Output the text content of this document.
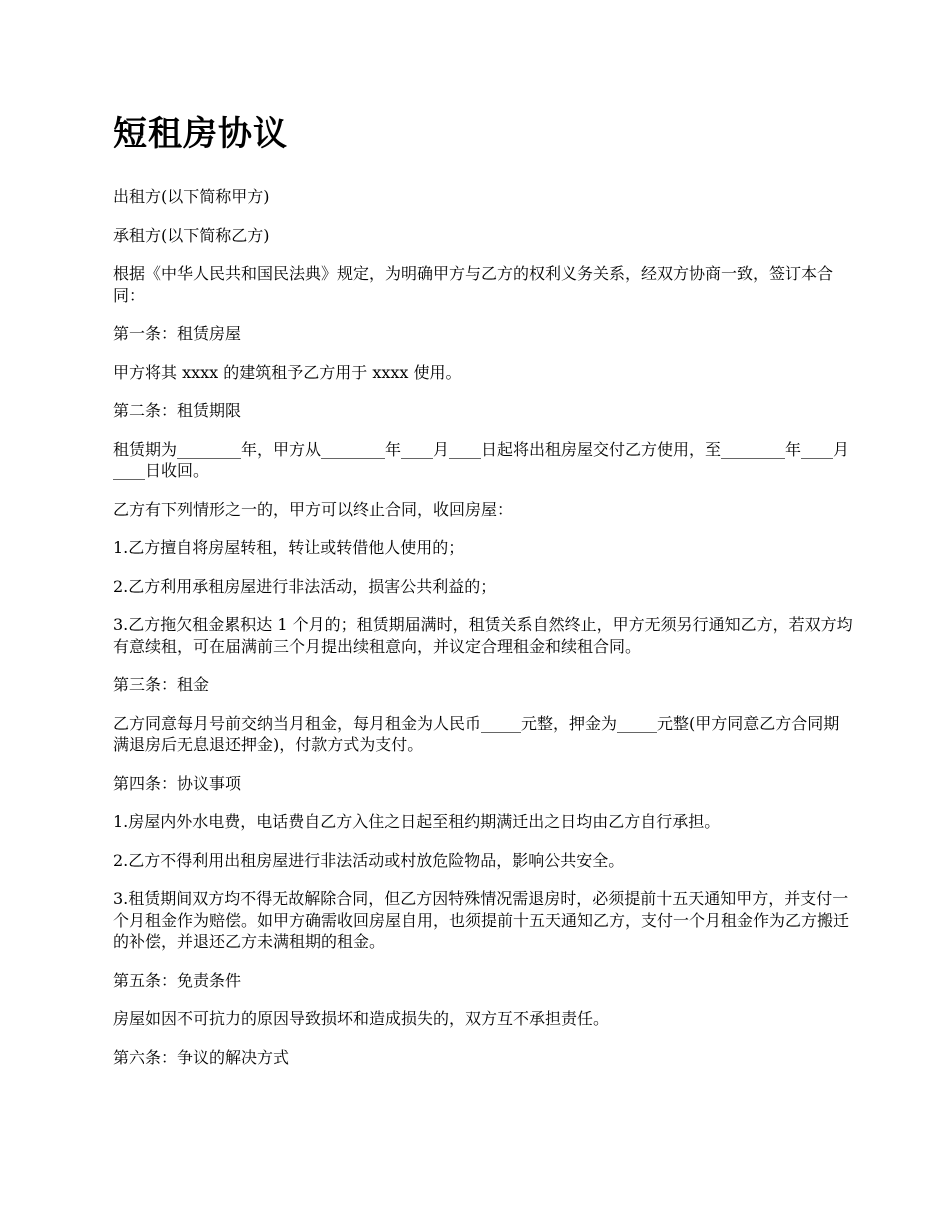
短租房协议

出租方(以下简称甲方)

承租方(以下简称乙方)

根据《中华人民共和国民法典》规定，为明确甲方与乙方的权利义务关系，经双方协商一致，签订本合同：

第一条：租赁房屋

甲方将其 xxxx 的建筑租予乙方用于 xxxx 使用。

第二条：租赁期限

租赁期为________年，甲方从________年____月____日起将出租房屋交付乙方使用，至________年____月____日收回。

乙方有下列情形之一的，甲方可以终止合同，收回房屋：

1.乙方擅自将房屋转租，转让或转借他人使用的；

2.乙方利用承租房屋进行非法活动，损害公共利益的；

3.乙方拖欠租金累积达 1 个月的；租赁期届满时，租赁关系自然终止，甲方无须另行通知乙方，若双方均有意续租，可在届满前三个月提出续租意向，并议定合理租金和续租合同。

第三条：租金

乙方同意每月号前交纳当月租金，每月租金为人民币_____元整，押金为_____元整(甲方同意乙方合同期满退房后无息退还押金)，付款方式为支付。

第四条：协议事项

1.房屋内外水电费，电话费自乙方入住之日起至租约期满迁出之日均由乙方自行承担。

2.乙方不得利用出租房屋进行非法活动或村放危险物品，影响公共安全。

3.租赁期间双方均不得无故解除合同，但乙方因特殊情况需退房时，必须提前十五天通知甲方，并支付一个月租金作为赔偿。如甲方确需收回房屋自用，也须提前十五天通知乙方，支付一个月租金作为乙方搬迁的补偿，并退还乙方未满租期的租金。

第五条：免责条件

房屋如因不可抗力的原因导致损坏和造成损失的，双方互不承担责任。

第六条：争议的解决方式
